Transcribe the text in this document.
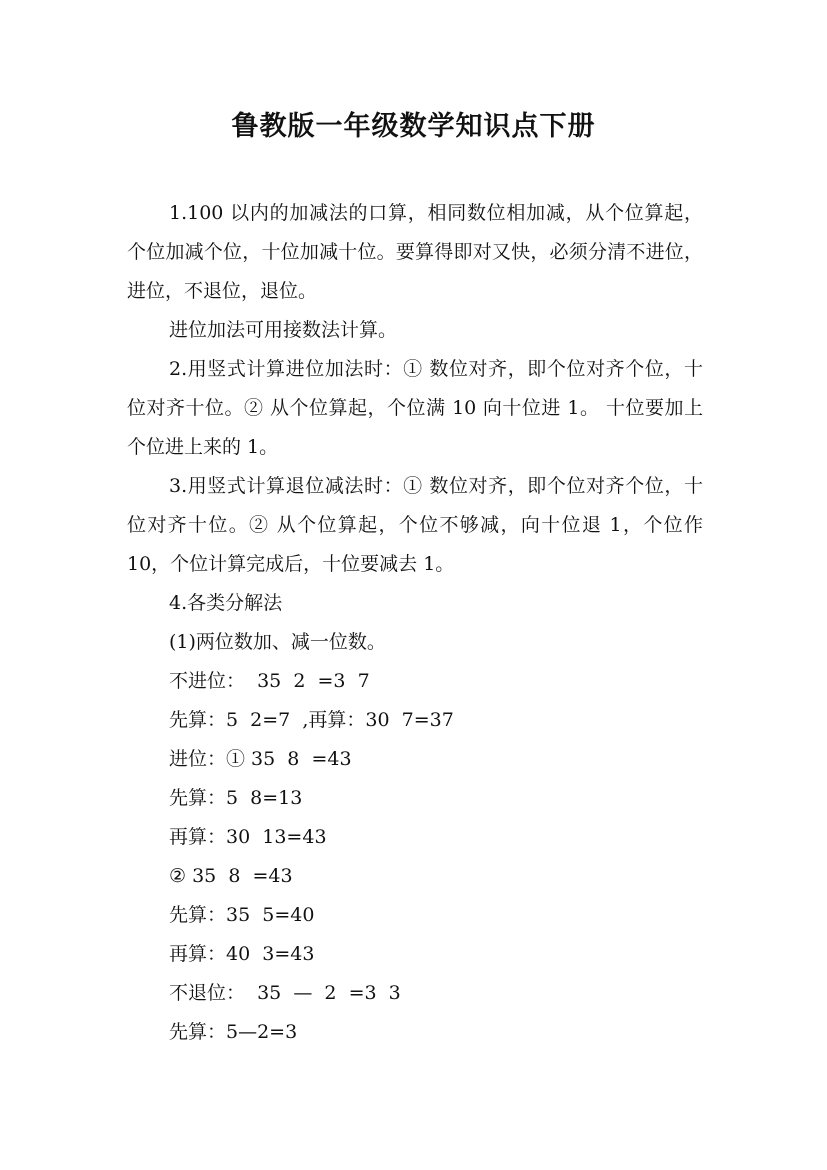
鲁教版一年级数学知识点下册

1.100 以内的加减法的口算，相同数位相加减，从个位算起，个位加减个位，十位加减十位。要算得即对又快，必须分清不进位，进位，不退位，退位。

进位加法可用接数法计算。

2.用竖式计算进位加法时：① 数位对齐，即个位对齐个位，十位对齐十位。② 从个位算起，个位满 10 向十位进 1。 十位要加上个位进上来的 1。

3.用竖式计算退位减法时：① 数位对齐，即个位对齐个位，十位对齐十位。② 从个位算起，个位不够减，向十位退 1，个位作 10，个位计算完成后，十位要减去 1。

4.各类分解法

(1)两位数加、减一位数。

不进位：  35  2  =3  7

先算：5  2=7  ,再算：30  7=37

进位：① 35  8  =43

先算：5  8=13

再算：30  13=43

② 35  8  =43

先算：35  5=40

再算：40  3=43

不退位：  35  —  2  =3  3

先算：5—2=3
